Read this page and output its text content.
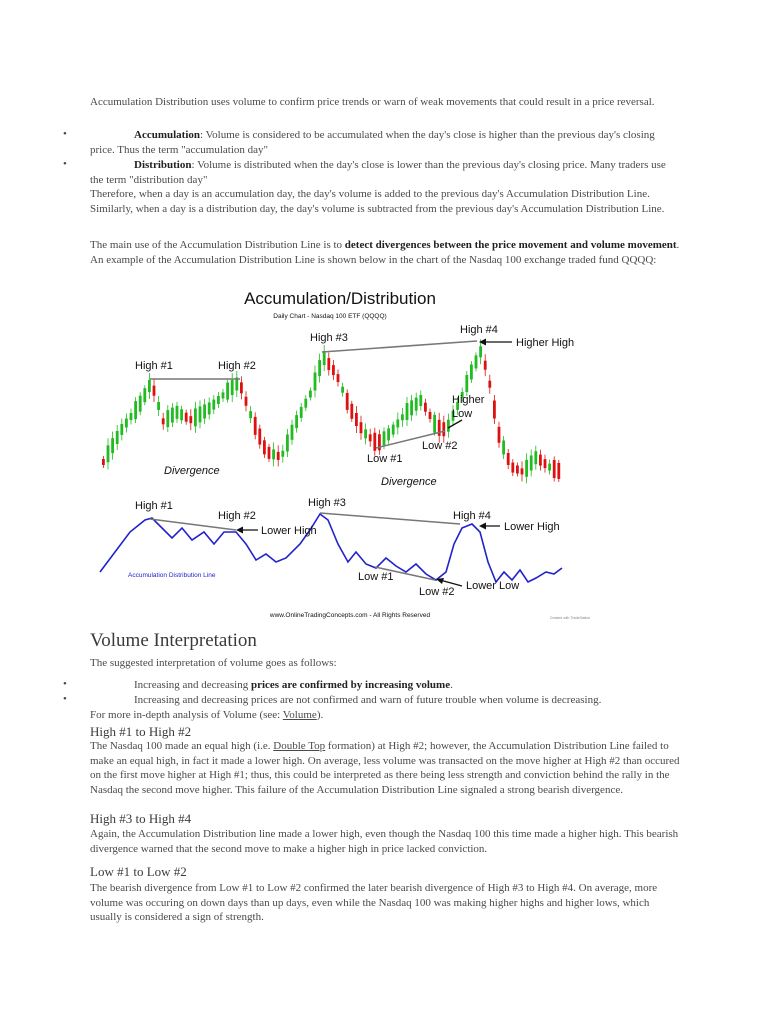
Accumulation Distribution uses volume to confirm price trends or warn of weak movements that could result in a price reversal.

•	Accumulation: Volume is considered to be accumulated when the day's close is higher than the previous day's closing price. Thus the term "accumulation day"

•	Distribution: Volume is distributed when the day's close is lower than the previous day's closing price. Many traders use the term "distribution day"

Therefore, when a day is an accumulation day, the day's volume is added to the previous day's Accumulation Distribution Line. Similarly, when a day is a distribution day, the day's volume is subtracted from the previous day's Accumulation Distribution Line.

The main use of the Accumulation Distribution Line is to detect divergences between the price movement and volume movement. An example of the Accumulation Distribution Line is shown below in the chart of the Nasdaq 100 exchange traded fund QQQQ:

Accumulation/Distribution
Daily Chart - Nasdaq 100 ETF (QQQQ)
High #1	High #2
High #3
High #4
Higher High
Higher Low
Low #1
Low #2
Divergence
Divergence
High #1
High #2
High #3
High #4
Lower High	Lower High
Lower Low
Low #1
Low #2
Accumulation Distribution Line
www.OnlineTradingConcepts.com - All Rights Reserved	Created with TradeStation
Volume Interpretation

The suggested interpretation of volume goes as follows:

•	Increasing and decreasing prices are confirmed by increasing volume.

•	Increasing and decreasing prices are not confirmed and warn of future trouble when volume is decreasing.

For more in-depth analysis of Volume (see: Volume).

High #1 to High #2

The Nasdaq 100 made an equal high (i.e. Double Top formation) at High #2; however, the Accumulation Distribution Line failed to make an equal high, in fact it made a lower high. On average, less volume was transacted on the move higher at High #2 than occured on the first move higher at High #1; thus, this could be interpreted as there being less strength and conviction behind the rally in the Nasdaq the second move higher. This failure of the Accumulation Distribution Line signaled a strong bearish divergence.

High #3 to High #4

Again, the Accumulation Distribution line made a lower high, even though the Nasdaq 100 this time made a higher high. This bearish divergence warned that the second move to make a higher high in price lacked conviction.

Low #1 to Low #2

The bearish divergence from Low #1 to Low #2 confirmed the later bearish divergence of High #3 to High #4. On average, more volume was occuring on down days than up days, even while the Nasdaq 100 was making higher highs and higher lows, which usually is considered a sign of strength.
